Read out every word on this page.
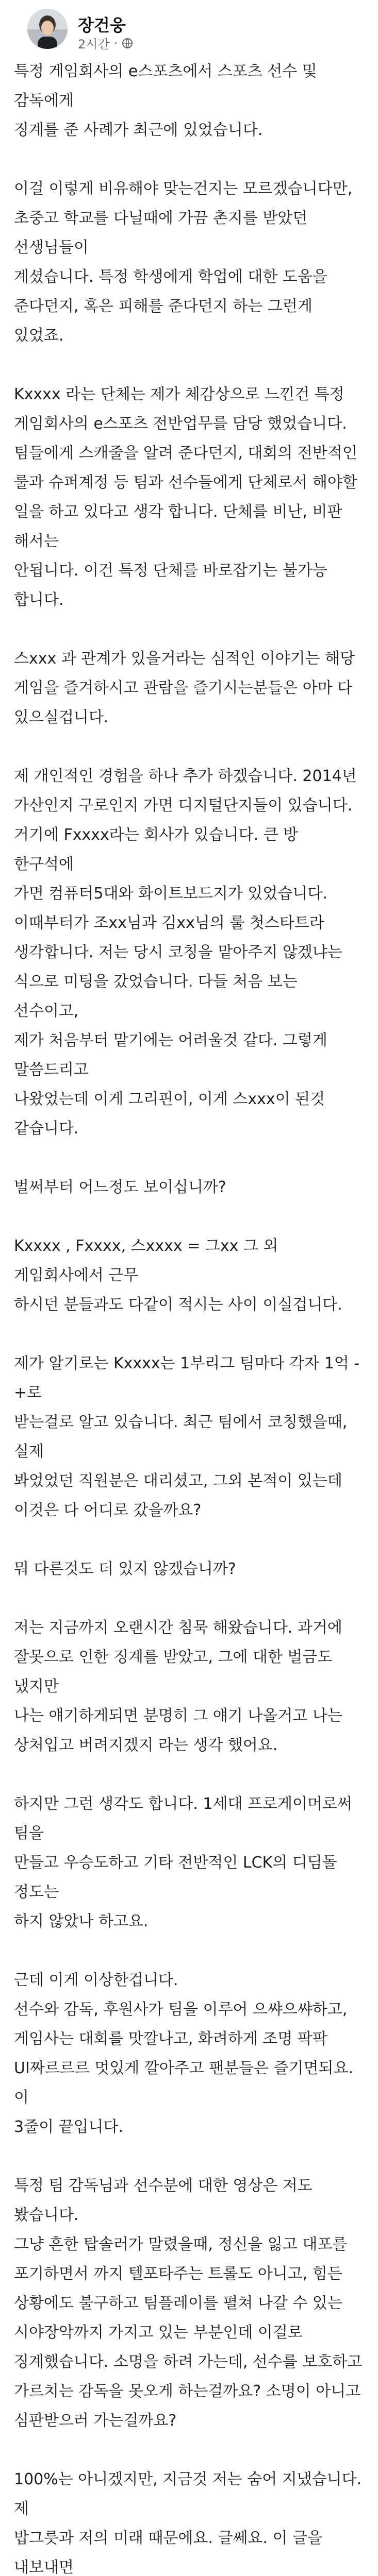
장건웅
2시간 ·

특정 게임회사의 e스포츠에서 스포츠 선수 및 감독에게
징계를 준 사례가 최근에 있었습니다.

이걸 이렇게 비유해야 맞는건지는 모르겠습니다만,
초중고 학교를 다닐때에 가끔 촌지를 받았던 선생님들이
계셨습니다. 특정 학생에게 학업에 대한 도움을
준다던지, 혹은 피해를 준다던지 하는 그런게 있었죠.

Kxxxx 라는 단체는 제가 체감상으로 느낀건 특정
게임회사의 e스포츠 전반업무를 담당 했었습니다.
팀들에게 스캐줄을 알려 준다던지, 대회의 전반적인
룰과 슈퍼계정 등 팀과 선수들에게 단체로서 해야할
일을 하고 있다고 생각 합니다. 단체를 비난, 비판 해서는
안됩니다. 이건 특정 단체를 바로잡기는 불가능 합니다.

스xxx 과 관계가 있을거라는 심적인 이야기는 해당
게임을 즐겨하시고 관람을 즐기시는분들은 아마 다
있으실겁니다.

제 개인적인 경험을 하나 추가 하겠습니다. 2014년
가산인지 구로인지 가면 디지털단지들이 있습니다.
거기에 Fxxxx라는 회사가 있습니다. 큰 방 한구석에
가면 컴퓨터5대와 화이트보드지가 있었습니다.
이때부터가 조xx님과 김xx님의 룰 첫스타트라
생각합니다. 저는 당시 코칭을 맡아주지 않겠냐는
식으로 미팅을 갔었습니다. 다들 처음 보는 선수이고,
제가 처음부터 맡기에는 어려울것 같다. 그렇게 말씀드리고
나왔었는데 이게 그리핀이, 이게 스xxx이 된것
같습니다.

벌써부터 어느정도 보이십니까?

Kxxxx , Fxxxx, 스xxxx = 그xx 그 외 게임회사에서 근무
하시던 분들과도 다같이 적시는 사이 이실겁니다.

제가 알기로는 Kxxxx는 1부리그 팀마다 각자 1억 -+로
받는걸로 알고 있습니다. 최근 팀에서 코칭했을때, 실제
봐었었던 직원분은 대리셨고, 그외 본적이 있는데
이것은 다 어디로 갔을까요?

뭐 다른것도 더 있지 않겠습니까?

저는 지금까지 오랜시간 침묵 해왔습니다. 과거에
잘못으로 인한 징계를 받았고, 그에 대한 벌금도 냈지만
나는 얘기하게되면 분명히 그 얘기 나올거고 나는
상처입고 버려지겠지 라는 생각 했어요.

하지만 그런 생각도 합니다. 1세대 프로게이머로써 팀을
만들고 우승도하고 기타 전반적인 LCK의 디딤돌 정도는
하지 않았나 하고요.

근데 이게 이상한겁니다.
선수와 감독, 후원사가 팀을 이루어 으쌰으쌰하고,
게임사는 대회를 맛깔나고, 화려하게 조명 팍팍
UI짜르르르 멋있게 깔아주고 팬분들은 즐기면되요. 이
3줄이 끝입니다.

특정 팀 감독님과 선수분에 대한 영상은 저도 봤습니다.
그냥 흔한 탑솔러가 말렸을때, 정신을 잃고 대포를
포기하면서 까지 텔포타주는 트롤도 아니고, 힘든
상황에도 불구하고 팀플레이를 펼쳐 나갈 수 있는
시야장악까지 가지고 있는 부분인데 이걸로
징계했습니다. 소명을 하려 가는데, 선수를 보호하고
가르치는 감독을 못오게 하는걸까요? 소명이 아니고
심판받으러 가는걸까요?

100%는 아니겠지만, 지금것 저는 숨어 지냈습니다. 제
밥그릇과 저의 미래 때문에요. 글쎄요. 이 글을 내보내면
